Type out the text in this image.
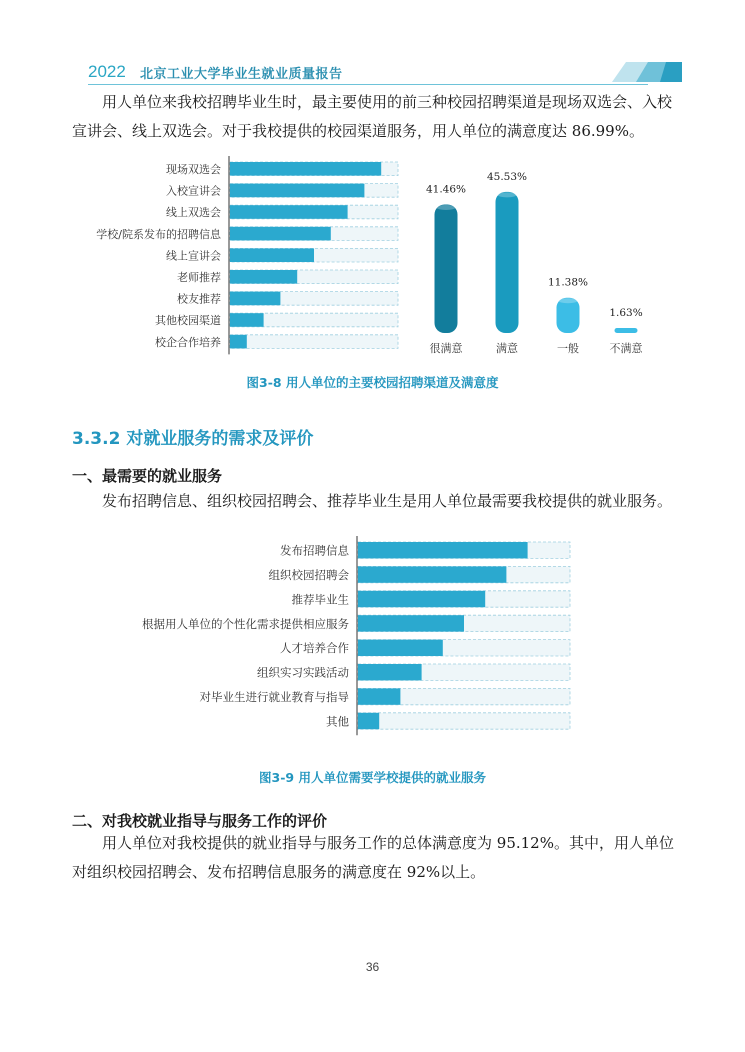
2022 北京工业大学毕业生就业质量报告
用人单位来我校招聘毕业生时，最主要使用的前三种校园招聘渠道是现场双选会、入校宣讲会、线上双选会。对于我校提供的校园渠道服务，用人单位的满意度达 86.99%。
现场双选会
入校宣讲会
线上双选会
学校/院系发布的招聘信息
线上宣讲会
老师推荐
校友推荐
其他校园渠道
校企合作培养
41.46%
很满意
45.53%
满意
11.38%
一般
1.63%
不满意
图3-8 用人单位的主要校园招聘渠道及满意度
3.3.2 对就业服务的需求及评价
一、最需要的就业服务
发布招聘信息、组织校园招聘会、推荐毕业生是用人单位最需要我校提供的就业服务。
发布招聘信息
组织校园招聘会
推荐毕业生
根据用人单位的个性化需求提供相应服务
人才培养合作
组织实习实践活动
对毕业生进行就业教育与指导
其他
图3-9 用人单位需要学校提供的就业服务
二、对我校就业指导与服务工作的评价
用人单位对我校提供的就业指导与服务工作的总体满意度为 95.12%。其中，用人单位对组织校园招聘会、发布招聘信息服务的满意度在 92%以上。
36
